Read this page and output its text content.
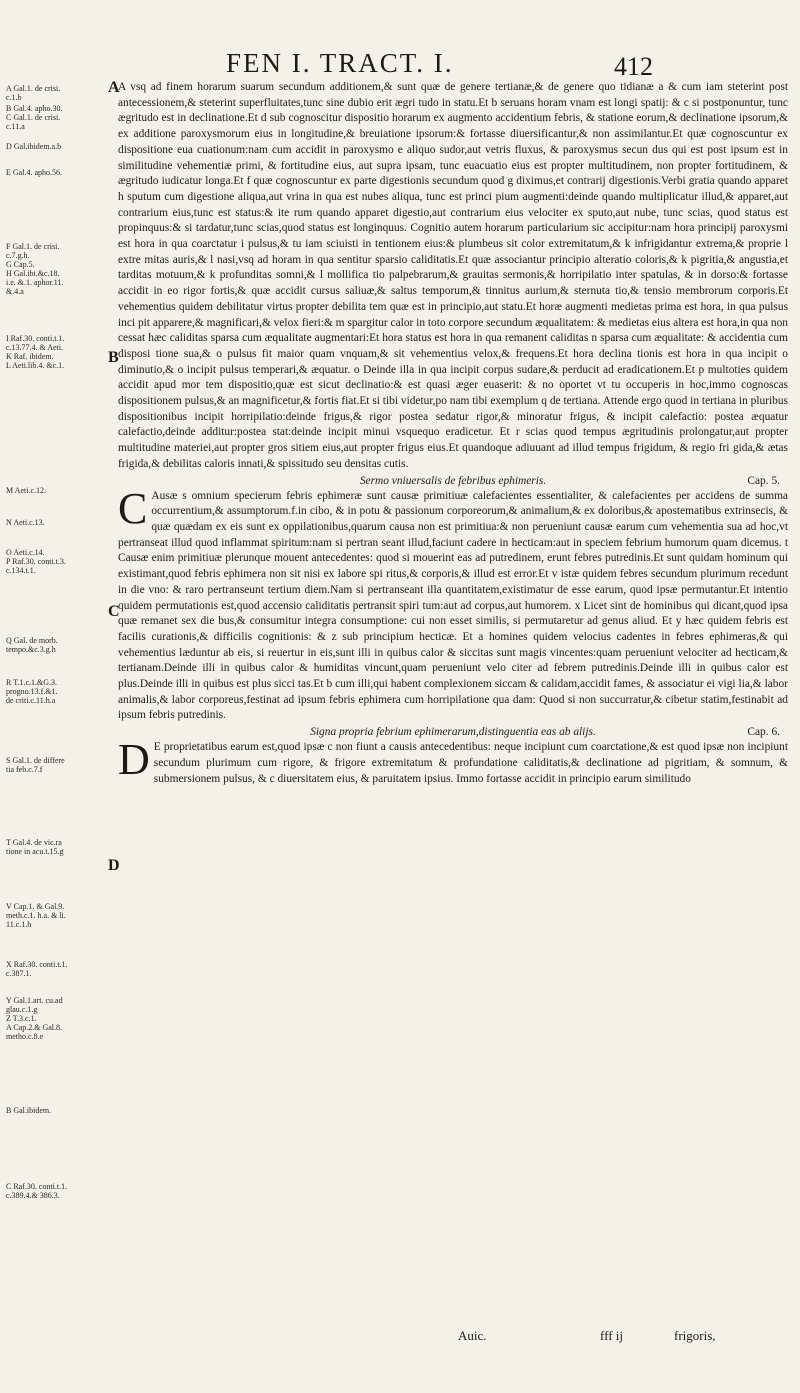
FEN I. TRACT. I.	412
A Gal.1. de crisi.
c.1.b
B Gal.4. apho.30.
C Gal.1. de crisi.
c.11.a
D Gal.ibidem.a.b
E Gal.4. apho.56.
F Gal.1. de crisi.
c.7.g.h.
G Cap.5.
H Gal.ibi.&c.18.
i.e. &.1. aphor.11.
&.4.a
I Raf.30. conti.t.1.
c.13.77.4. & Aeti.
K Raf. ibidem.
L Aeti.lib.4. &c.1.
M Aeti.c.12.
N Aeti.c.13.
O Aeti.c.14.
P Raf.30. conti.t.3.
c.134.t.1.
Q Gal. de morb.
tempo.&c.3.g.h
R T.1.c.1.&G.3.
progno.13.f.&1.
de criti.c.11.h.a
S Gal.1. de differe
tia feb.c.7.f
T Gal.4. de vic.ra
tione in acu.t.15.g
V Cap.1. & Gal.9.
meth.c.1. h.a. & li.
11.c.1.h
X Raf.30. conti.t.1.
c.387.1.
Y Gal.1.art. cu.ad
glau.c.1.g
Z T.3.c.1.
A Cap.2.& Gal.8.
metho.c.8.e
B Gal.ibidem.
C Raf.30. conti.t.1.
c.389.4.& 386.3.
A
B
C
D

A vsq ad finem horarum suarum secundum additionem,& sunt quæ de genere tertianæ,& de genere quo tidianæ a & cum iam steterint post antecessionem,& steterint superfluitates,tunc sine dubio erit ægri tudo in statu.Et b seruans horam vnam est longi spatij: & c si postponuntur, tunc ægritudo est in declinatione.Et d sub cognoscitur dispositio horarum ex augmento accidentium febris, & statione eorum,& declinatione ipsorum,& ex additione paroxysmorum eius in longitudine,& breuiatione ipsorum:& fortasse diuersificantur,& non assimilantur.Et quæ cognoscuntur ex dispositione eua cuationum:nam cum accidit in paroxysmo e aliquo sudor,aut vetris fluxus, & paroxysmus secun dus qui est post ipsum est in similitudine vehementiæ primi, & fortitudine eius, aut supra ipsam, tunc euacuatio eius est propter multitudinem, non propter fortitudinem, & ægritudo iudicatur longa.Et f quæ cognoscuntur ex parte digestionis secundum quod g diximus,et contrarij digestionis.Verbi gratia quando apparet h sputum cum digestione aliqua,aut vrina in qua est nubes aliqua, tunc est princi pium augmenti:deinde quando multiplicatur illud,& apparet,aut contrarium eius,tunc est status:& ite rum quando apparet digestio,aut contrarium eius velociter ex sputo,aut nube, tunc scias, quod status est propinquus:& si tardatur,tunc scias,quod status est longinquus. Cognitio autem horarum particularium sic accipitur:nam hora principij paroxysmi est hora in qua coarctatur i pulsus,& tu iam sciuisti in tentionem eius:& plumbeus sit color extremitatum,& k infrigidantur extrema,& proprie l extre mitas auris,& l nasi,vsq ad horam in qua sentitur sparsio caliditatis.Et quæ associantur principio alteratio coloris,& k pigritia,& angustia,et tarditas motuum,& k profunditas somni,& l mollifica tio palpebrarum,& grauitas sermonis,& horripilatio inter spatulas, & in dorso:& fortasse accidit in eo rigor fortis,& quæ accidit cursus saliuæ,& saltus temporum,& tinnitus aurium,& sternuta tio,& tensio membrorum corporis.Et vehementius quidem debilitatur virtus propter debilita tem quæ est in principio,aut statu.Et horæ augmenti medietas prima est hora, in qua pulsus inci pit apparere,& magnificari,& velox fieri:& m spargitur calor in toto corpore secundum æqualitatem: & medietas eius altera est hora,in qua non cessat hæc caliditas sparsa cum æqualitate augmentari:Et hora status est hora in qua remanent caliditas n sparsa cum æqualitate: & accidentia cum disposi tione sua,& o pulsus fit maior quam vnquam,& sit vehementius velox,& frequens.Et hora declina tionis est hora in qua incipit o diminutio,& o incipit pulsus temperari,& æquatur. o Deinde illa in qua incipit corpus sudare,& perducit ad eradicationem.Et p multoties quidem accidit apud mor tem dispositio,quæ est sicut declinatio:& est quasi æger euaserit: & no oportet vt tu occuperis in hoc,immo cognoscas dispositionem pulsus,& an magnificetur,& fortis fiat.Et si tibi videtur,po nam tibi exemplum q de tertiana. Attende ergo quod in tertiana in pluribus dispositionibus incipit horripilatio:deinde frigus,& rigor postea sedatur rigor,& minoratur frigus, & incipit calefactio: postea æquatur calefactio,deinde additur:postea stat:deinde incipit minui vsquequo eradicetur. Et r scias quod tempus ægritudinis prolongatur,aut propter multitudine materiei,aut propter gros sitiem eius,aut propter frigus eius.Et quandoque adiuuant ad illud tempus frigidum, & regio fri gida,& ætas frigida,& debilitas caloris innati,& spissitudo seu densitas cutis.

Sermo vniuersalis de febribus ephimeris.	Cap. 5.

C Ausæ s omnium specierum febris ephimeræ sunt causæ primitiuæ calefacientes essentialiter, & calefacientes per accidens de summa occurrentium,& assumptorum.f.in cibo, & in potu & passionum corporeorum,& animalium,& ex doloribus,& apostematibus extrinsecis, & quæ quædam ex eis sunt ex oppilationibus,quarum causa non est primitiua:& non perueniunt causæ earum cum vehementia sua ad hoc,vt pertranseat illud quod inflammat spiritum:nam si pertran seant illud,faciunt cadere in hecticam:aut in speciem febrium humorum quam dicemus. t Causæ enim primitiuæ plerunque mouent antecedentes: quod si mouerint eas ad putredinem, erunt febres putredinis.Et sunt quidam hominum qui existimant,quod febris ephimera non sit nisi ex labore spi ritus,& corporis,& illud est error.Et v istæ quidem febres secundum plurimum recedunt in die vno: & raro pertranseunt tertium diem.Nam si pertranseant illa quantitatem,existimatur de esse earum, quod ipsæ permutantur.Et intentio quidem permutationis est,quod accensio caliditatis pertransit spiri tum:aut ad corpus,aut humorem. x Licet sint de hominibus qui dicant,quod ipsa quæ remanet sex die bus,& consumitur integra consumptione: cui non esset similis, si permutaretur ad genus aliud. Et y hæc quidem febris est facilis curationis,& difficilis cognitionis: & z sub principium hecticæ. Et a homines quidem velocius cadentes in febres ephimeras,& qui vehementius læduntur ab eis, si reuertur in eis,sunt illi in quibus calor & siccitas sunt magis vincentes:quam perueniunt velociter ad hecticam,& tertianam.Deinde illi in quibus calor & humiditas vincunt,quam perueniunt velo citer ad febrem putredinis.Deinde illi in quibus calor est plus.Deinde illi in quibus est plus sicci tas.Et b cum illi,qui habent complexionem siccam & calidam,accidit fames, & associatur ei vigi lia,& labor animalis,& labor corporeus,festinat ad ipsum febris ephimera cum horripilatione qua dam: Quod si non succurratur,& cibetur statim,festinabit ad ipsum febris putredinis.

Signa propria febrium ephimerarum,distinguentia eas ab alijs.	Cap. 6.

D E proprietatibus earum est,quod ipsæ c non fiunt a causis antecedentibus: neque incipiunt cum coarctatione,& est quod ipsæ non incipiunt secundum plurimum cum rigore, & frigore extremitatum & profundatione caliditatis,& declinatione ad pigritiam, & somnum, & submersionem pulsus, & c diuersitatem eius, & paruitatem ipsius. Immo fortasse accidit in principio earum similitudo

Auic.	fff ij	frigoris,
